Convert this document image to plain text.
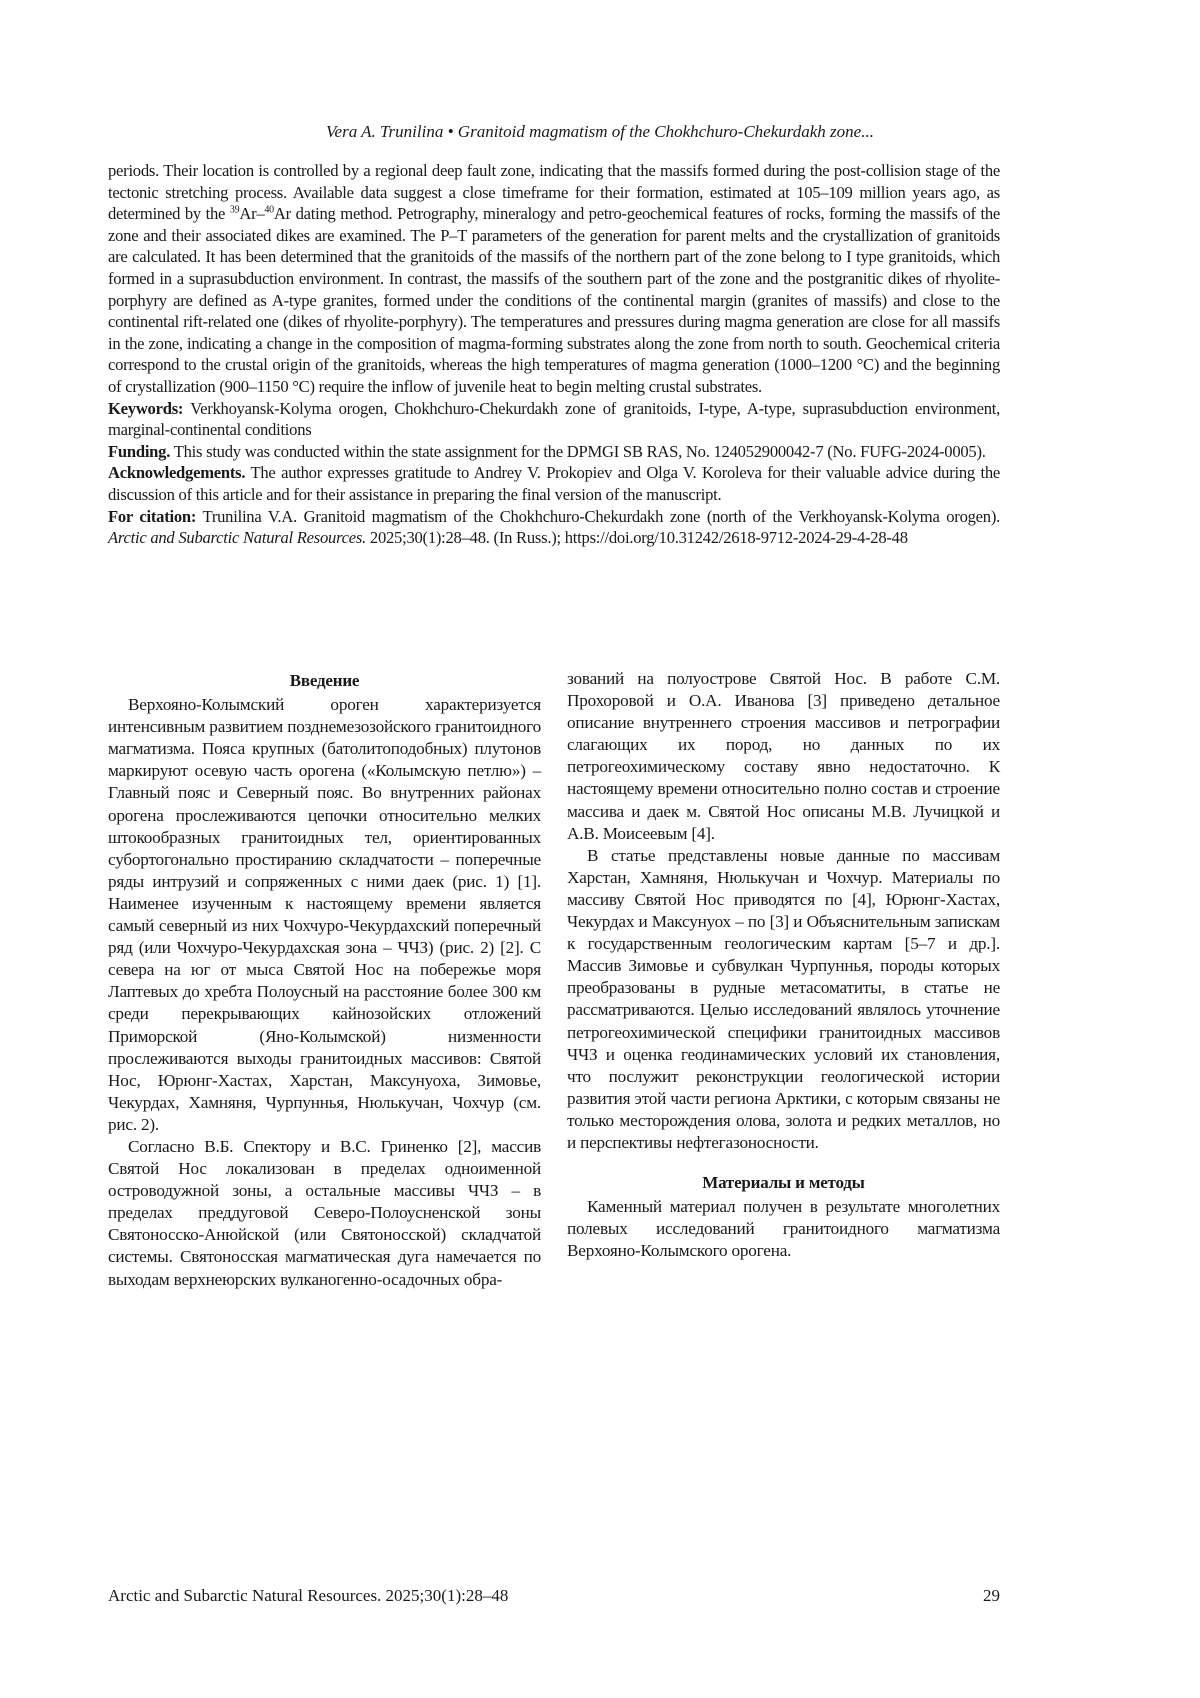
Vera A. Trunilina • Granitoid magmatism of the Chokhchuro-Chekurdakh zone...

periods. Their location is controlled by a regional deep fault zone, indicating that the massifs formed during the post-collision stage of the tectonic stretching process. Available data suggest a close timeframe for their formation, estimated at 105–109 million years ago, as determined by the $^{39}$Ar–$^{40}$Ar dating method. Petrography, mineralogy and petro-geochemical features of rocks, forming the massifs of the zone and their associated dikes are examined. The P–T parameters of the generation for parent melts and the crystallization of granitoids are calculated. It has been determined that the granitoids of the massifs of the northern part of the zone belong to I type granitoids, which formed in a suprasubduction environment. In contrast, the massifs of the southern part of the zone and the postgranitic dikes of rhyolite-porphyry are defined as A-type granites, formed under the conditions of the continental margin (granites of massifs) and close to the continental rift-related one (dikes of rhyolite-porphyry). The temperatures and pressures during magma generation are close for all massifs in the zone, indicating a change in the composition of magma-forming substrates along the zone from north to south. Geochemical criteria correspond to the crustal origin of the granitoids, whereas the high temperatures of magma generation (1000–1200 °C) and the beginning of crystallization (900–1150 °C) require the inflow of juvenile heat to begin melting crustal substrates.

Keywords: Verkhoyansk-Kolyma orogen, Chokhchuro-Chekurdakh zone of granitoids, I-type, A-type, suprasubduction environment, marginal-continental conditions

Funding. This study was conducted within the state assignment for the DPMGI SB RAS, No. 124052900042-7 (No. FUFG-2024-0005).

Acknowledgements. The author expresses gratitude to Andrey V. Prokopiev and Olga V. Koroleva for their valuable advice during the discussion of this article and for their assistance in preparing the final version of the manuscript.

For citation: Trunilina V.A. Granitoid magmatism of the Chokhchuro-Chekurdakh zone (north of the Verkhoyansk-Kolyma orogen). Arctic and Subarctic Natural Resources. 2025;30(1):28–48. (In Russ.); https://doi.org/10.31242/2618-9712-2024-29-4-28-48

Введение

Верхояно-Колымский ороген характеризуется интенсивным развитием позднемезозойского гранитоидного магматизма. Пояса крупных (батолитоподобных) плутонов маркируют осевую часть орогена («Колымскую петлю») – Главный пояс и Северный пояс. Во внутренних районах орогена прослеживаются цепочки относительно мелких штокообразных гранитоидных тел, ориентированных субортогонально простиранию складчатости – поперечные ряды интрузий и сопряженных с ними даек (рис. 1) [1]. Наименее изученным к настоящему времени является самый северный из них Чохчуро-Чекурдахский поперечный ряд (или Чохчуро-Чекурдахская зона – ЧЧЗ) (рис. 2) [2]. С севера на юг от мыса Святой Нос на побережье моря Лаптевых до хребта Полоусный на расстояние более 300 км среди перекрывающих кайнозойских отложений Приморской (Яно-Колымской) низменности прослеживаются выходы гранитоидных массивов: Святой Нос, Юрюнг-Хастах, Харстан, Максунуоха, Зимовье, Чекурдах, Хамняня, Чурпуннья, Нюлькучан, Чохчур (см. рис. 2).

Согласно В.Б. Спектору и В.С. Гриненко [2], массив Святой Нос локализован в пределах одноименной островодужной зоны, а остальные массивы ЧЧЗ – в пределах преддуговой Северо-Полоусненской зоны Святоносско-Анюйской (или Святоносской) складчатой системы. Святоносская магматическая дуга намечается по выходам верхнеюрских вулканогенно-осадочных обра-

зований на полуострове Святой Нос. В работе С.М. Прохоровой и О.А. Иванова [3] приведено детальное описание внутреннего строения массивов и петрографии слагающих их пород, но данных по их петрогеохимическому составу явно недостаточно. К настоящему времени относительно полно состав и строение массива и даек м. Святой Нос описаны М.В. Лучицкой и А.В. Моисеевым [4].

В статье представлены новые данные по массивам Харстан, Хамняня, Нюлькучан и Чохчур. Материалы по массиву Святой Нос приводятся по [4], Юрюнг-Хастах, Чекурдах и Максунуох – по [3] и Объяснительным запискам к государственным геологическим картам [5–7 и др.]. Массив Зимовье и субвулкан Чурпуннья, породы которых преобразованы в рудные метасоматиты, в статье не рассматриваются. Целью исследований являлось уточнение петрогеохимической специфики гранитоидных массивов ЧЧЗ и оценка геодинамических условий их становления, что послужит реконструкции геологической истории развития этой части региона Арктики, с которым связаны не только месторождения олова, золота и редких металлов, но и перспективы нефтегазоносности.

Материалы и методы

Каменный материал получен в результате многолетних полевых исследований гранитоидного магматизма Верхояно-Колымского орогена.

Arctic and Subarctic Natural Resources. 2025;30(1):28–48	29
